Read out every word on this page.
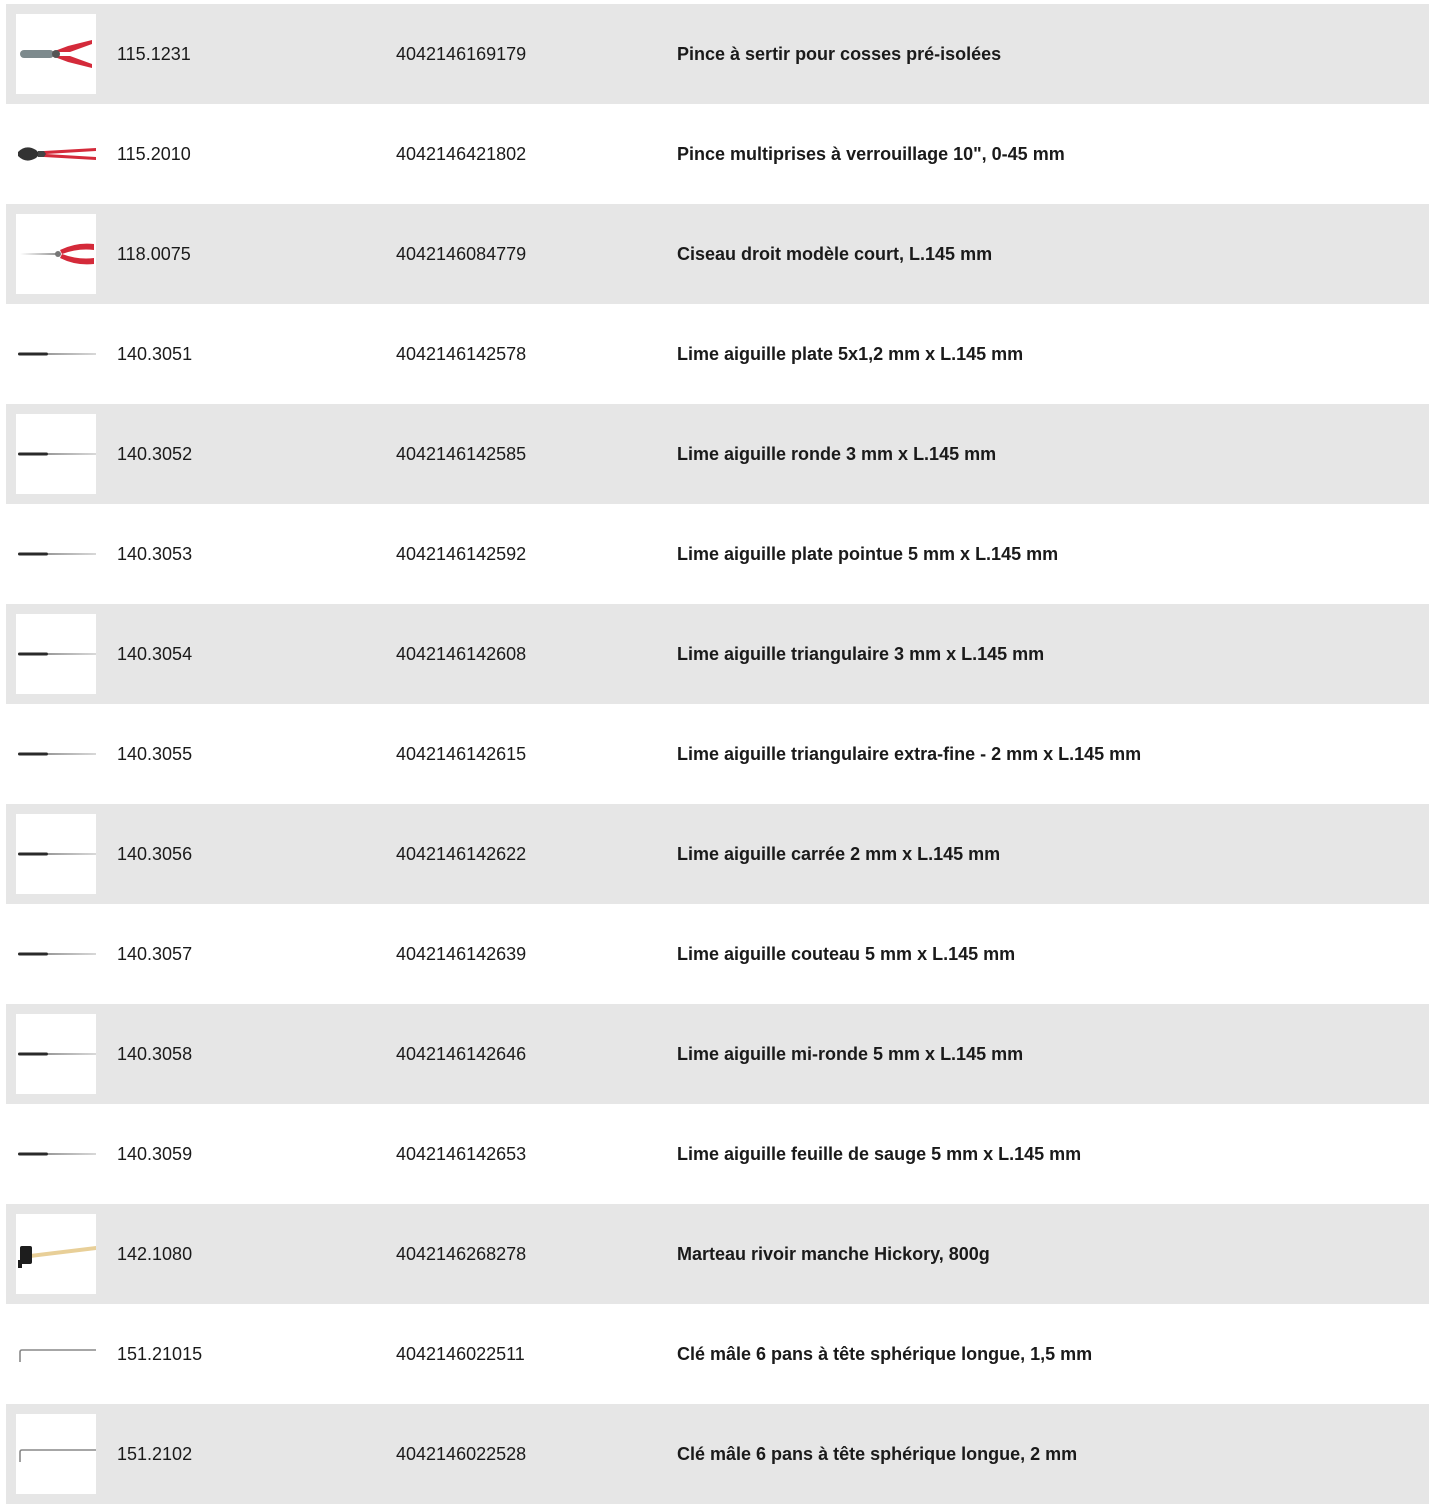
115.1231	4042146169179	Pince à sertir pour cosses pré-isolées
115.2010	4042146421802	Pince multiprises à verrouillage 10", 0-45 mm
118.0075	4042146084779	Ciseau droit modèle court, L.145 mm
140.3051	4042146142578	Lime aiguille plate 5x1,2 mm x L.145 mm
140.3052	4042146142585	Lime aiguille ronde 3 mm x L.145 mm
140.3053	4042146142592	Lime aiguille plate pointue 5 mm x L.145 mm
140.3054	4042146142608	Lime aiguille triangulaire 3 mm x L.145 mm
140.3055	4042146142615	Lime aiguille triangulaire extra-fine - 2 mm x L.145 mm
140.3056	4042146142622	Lime aiguille carrée 2 mm x L.145 mm
140.3057	4042146142639	Lime aiguille couteau 5 mm x L.145 mm
140.3058	4042146142646	Lime aiguille mi-ronde 5 mm x L.145 mm
140.3059	4042146142653	Lime aiguille feuille de sauge 5 mm x L.145 mm
142.1080	4042146268278	Marteau rivoir manche Hickory, 800g
151.21015	4042146022511	Clé mâle 6 pans à tête sphérique longue, 1,5 mm
151.2102	4042146022528	Clé mâle 6 pans à tête sphérique longue, 2 mm
